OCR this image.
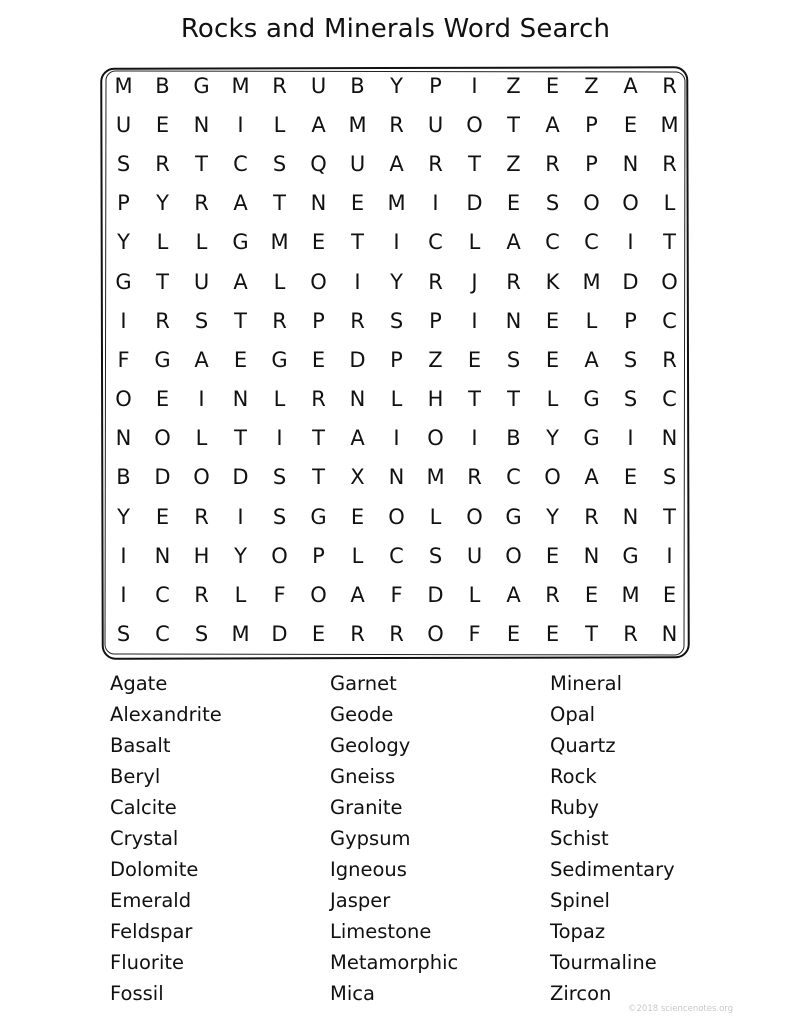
Rocks and Minerals Word Search
M	B	G	M	R	U	B	Y	P	I	Z	E	Z	A	R
U	E	N	I	L	A	M	R	U	O	T	A	P	E	M
S	R	T	C	S	Q	U	A	R	T	Z	R	P	N	R
P	Y	R	A	T	N	E	M	I	D	E	S	O	O	L
Y	L	L	G	M	E	T	I	C	L	A	C	C	I	T
G	T	U	A	L	O	I	Y	R	J	R	K	M	D	O
I	R	S	T	R	P	R	S	P	I	N	E	L	P	C
F	G	A	E	G	E	D	P	Z	E	S	E	A	S	R
O	E	I	N	L	R	N	L	H	T	T	L	G	S	C
N	O	L	T	I	T	A	I	O	I	B	Y	G	I	N
B	D	O	D	S	T	X	N	M	R	C	O	A	E	S
Y	E	R	I	S	G	E	O	L	O	G	Y	R	N	T
I	N	H	Y	O	P	L	C	S	U	O	E	N	G	I
I	C	R	L	F	O	A	F	D	L	A	R	E	M	E
S	C	S	M	D	E	R	R	O	F	E	E	T	R	N
Agate
Alexandrite
Basalt
Beryl
Calcite
Crystal
Dolomite
Emerald
Feldspar
Fluorite
Fossil
Garnet
Geode
Geology
Gneiss
Granite
Gypsum
Igneous
Jasper
Limestone
Metamorphic
Mica
Mineral
Opal
Quartz
Rock
Ruby
Schist
Sedimentary
Spinel
Topaz
Tourmaline
Zircon
©2018 sciencenotes.org
